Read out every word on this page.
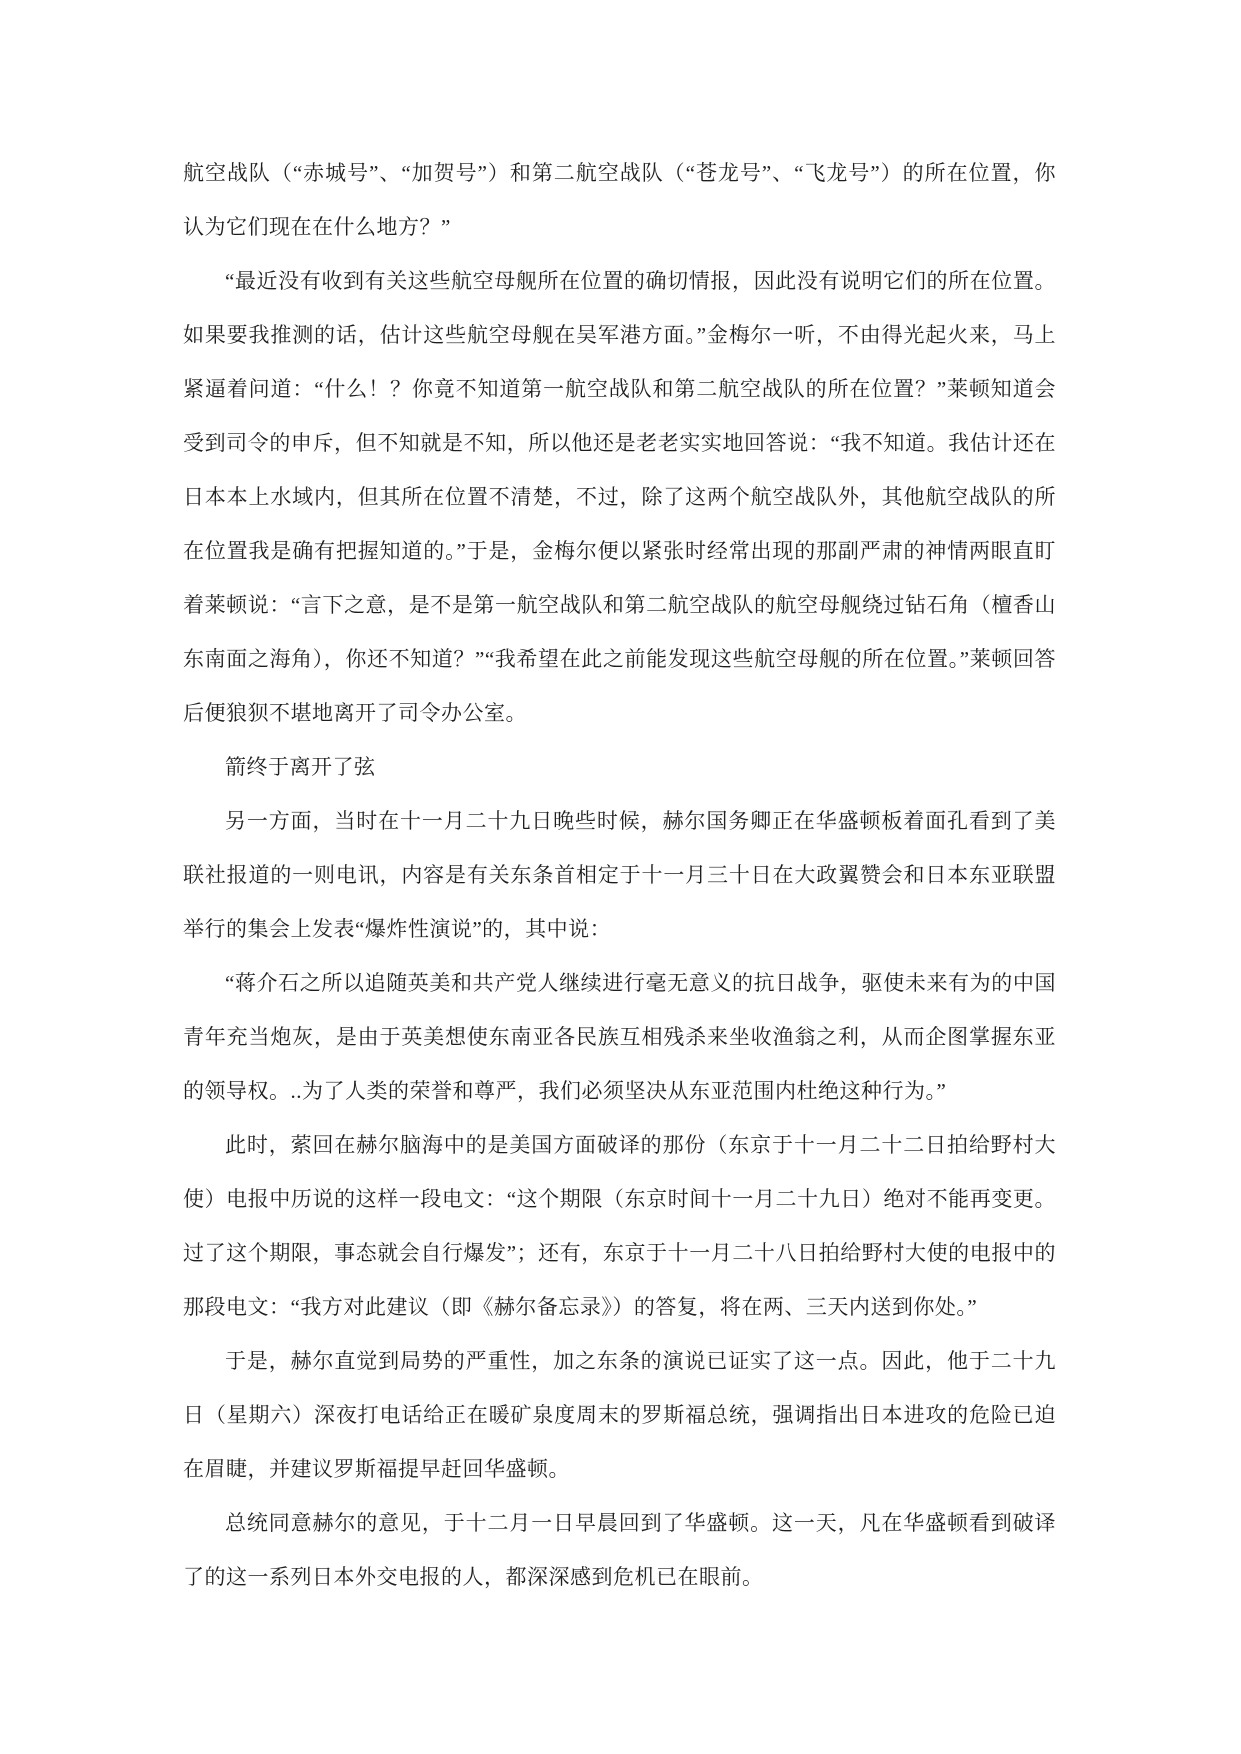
航空战队（“赤城号”、“加贺号”）和第二航空战队（“苍龙号”、“飞龙号”）的所在位置，你认为它们现在在什么地方？”

“最近没有收到有关这些航空母舰所在位置的确切情报，因此没有说明它们的所在位置。如果要我推测的话，估计这些航空母舰在吴军港方面。”金梅尔一听，不由得光起火来，马上紧逼着问道：“什么！？你竟不知道第一航空战队和第二航空战队的所在位置？”莱顿知道会受到司令的申斥，但不知就是不知，所以他还是老老实实地回答说：“我不知道。我估计还在日本本上水域内，但其所在位置不清楚，不过，除了这两个航空战队外，其他航空战队的所在位置我是确有把握知道的。”于是，金梅尔便以紧张时经常出现的那副严肃的神情两眼直盯着莱顿说：“言下之意，是不是第一航空战队和第二航空战队的航空母舰绕过钻石角（檀香山东南面之海角），你还不知道？”“我希望在此之前能发现这些航空母舰的所在位置。”莱顿回答后便狼狈不堪地离开了司令办公室。

箭终于离开了弦

另一方面，当时在十一月二十九日晚些时候，赫尔国务卿正在华盛顿板着面孔看到了美联社报道的一则电讯，内容是有关东条首相定于十一月三十日在大政翼赞会和日本东亚联盟举行的集会上发表“爆炸性演说”的，其中说：

“蒋介石之所以追随英美和共产党人继续进行毫无意义的抗日战争，驱使未来有为的中国青年充当炮灰，是由于英美想使东南亚各民族互相残杀来坐收渔翁之利，从而企图掌握东亚的领导权。..为了人类的荣誉和尊严，我们必须坚决从东亚范围内杜绝这种行为。”

此时，萦回在赫尔脑海中的是美国方面破译的那份（东京于十一月二十二日拍给野村大使）电报中历说的这样一段电文：“这个期限（东京时间十一月二十九日）绝对不能再变更。过了这个期限，事态就会自行爆发”；还有，东京于十一月二十八日拍给野村大使的电报中的那段电文：“我方对此建议（即《赫尔备忘录》）的答复，将在两、三天内送到你处。”

于是，赫尔直觉到局势的严重性，加之东条的演说已证实了这一点。因此，他于二十九日（星期六）深夜打电话给正在暖矿泉度周末的罗斯福总统，强调指出日本进攻的危险已迫在眉睫，并建议罗斯福提早赶回华盛顿。

总统同意赫尔的意见，于十二月一日早晨回到了华盛顿。这一天，凡在华盛顿看到破译了的这一系列日本外交电报的人，都深深感到危机已在眼前。
